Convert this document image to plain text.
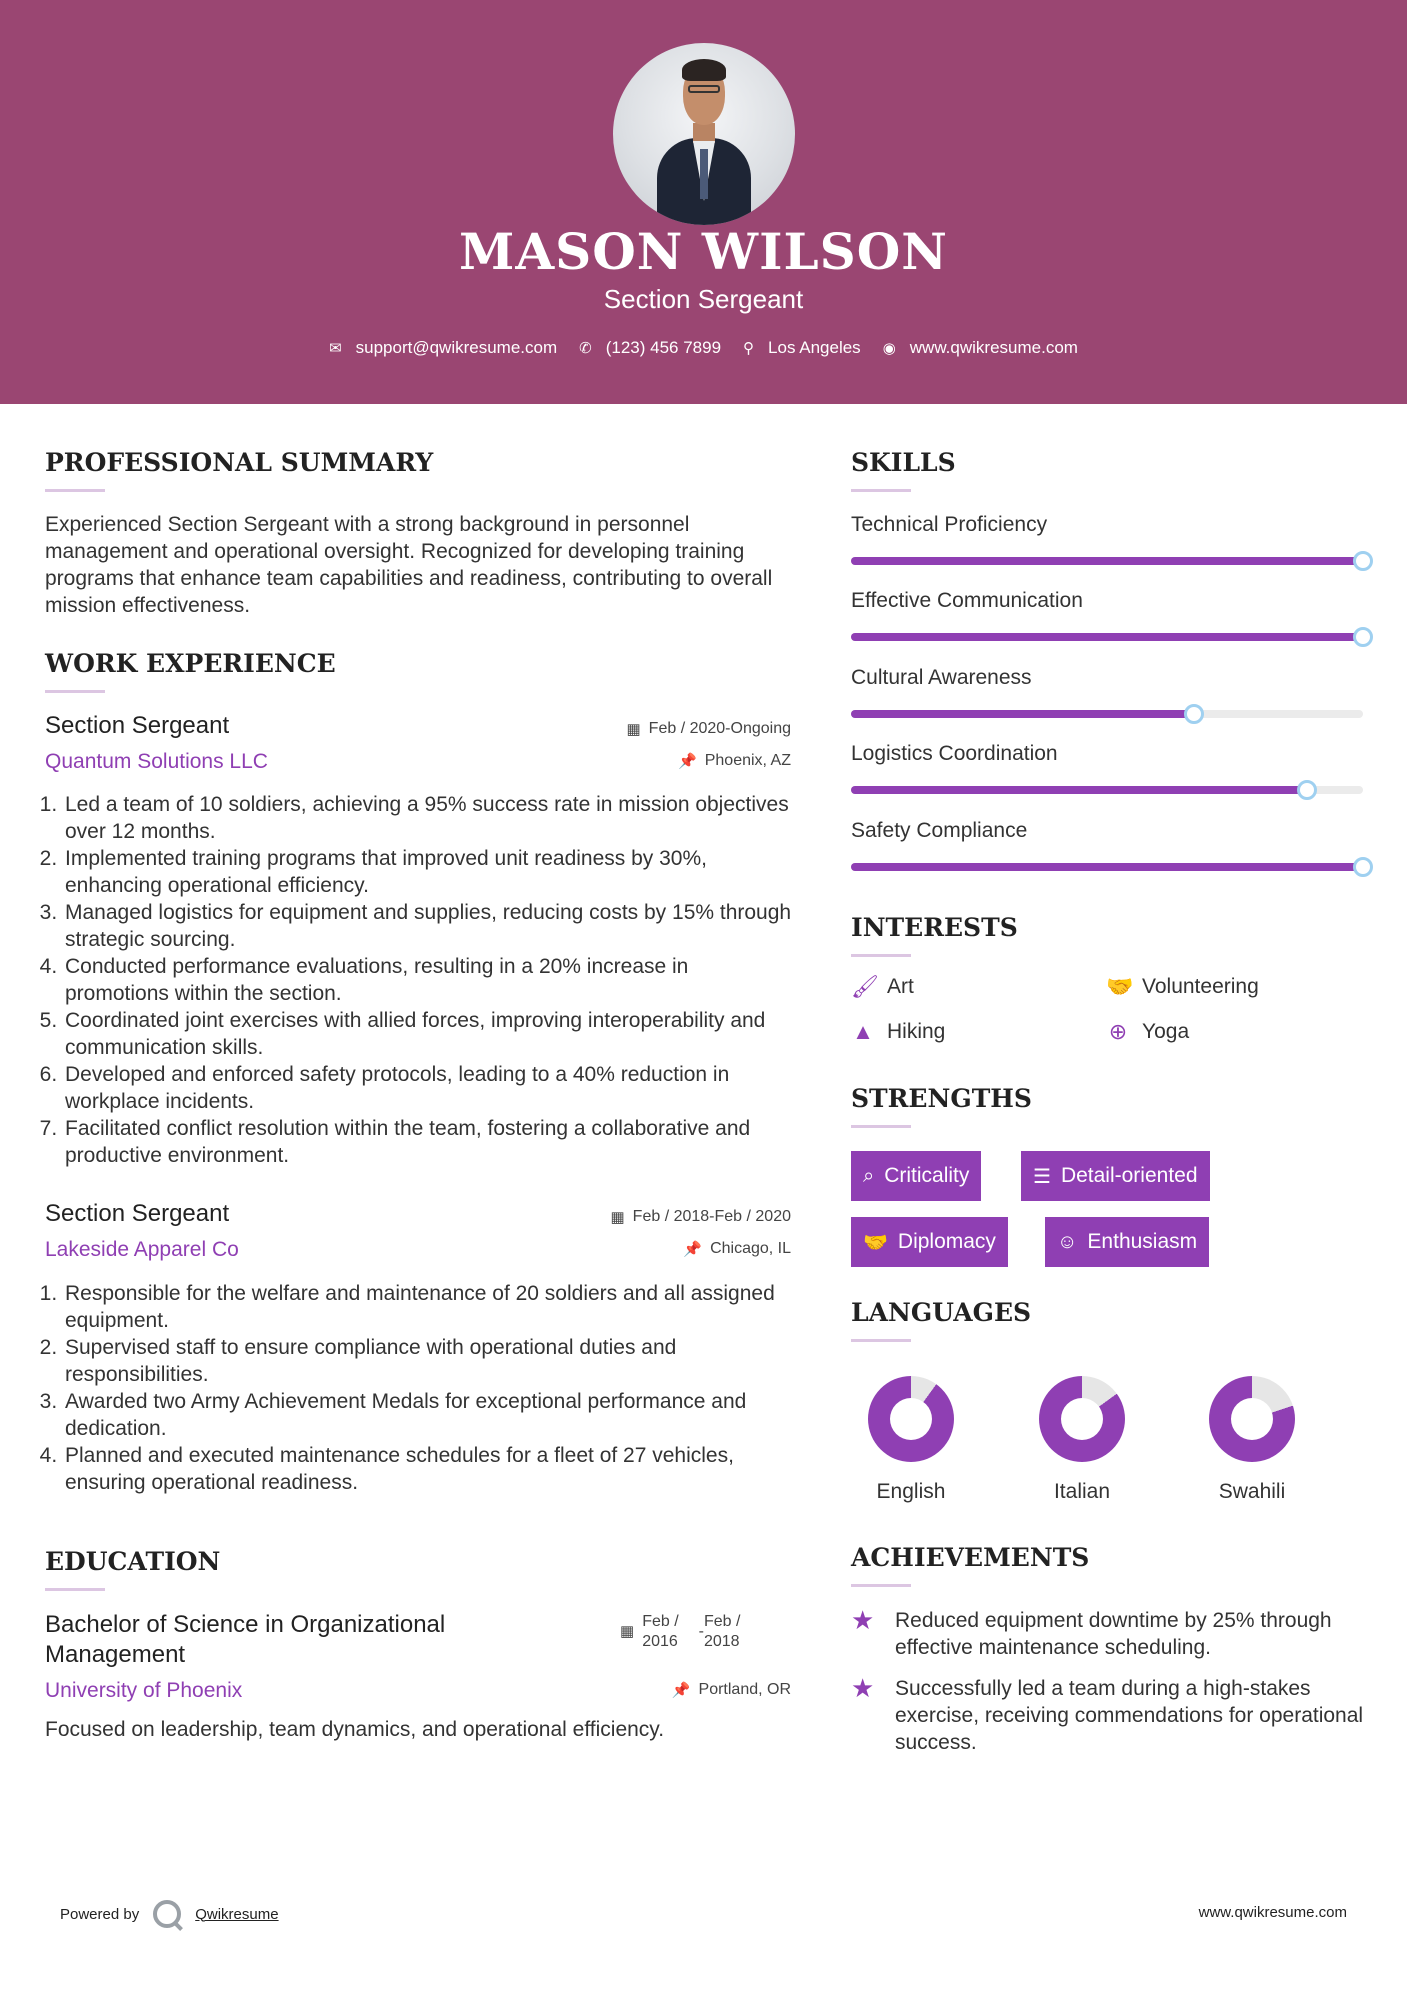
MASON WILSON
Section Sergeant
✉ support@qwikresume.com ✆ (123) 456 7899 ⚲ Los Angeles ◉ www.qwikresume.com
PROFESSIONAL SUMMARY
Experienced Section Sergeant with a strong background in personnel management and operational oversight. Recognized for developing training programs that enhance team capabilities and readiness, contributing to overall mission effectiveness.
WORK EXPERIENCE
Section Sergeant	▦ Feb / 2020-Ongoing
Quantum Solutions LLC	📌 Phoenix, AZ
1. Led a team of 10 soldiers, achieving a 95% success rate in mission objectives over 12 months.
2. Implemented training programs that improved unit readiness by 30%, enhancing operational efficiency.
3. Managed logistics for equipment and supplies, reducing costs by 15% through strategic sourcing.
4. Conducted performance evaluations, resulting in a 20% increase in promotions within the section.
5. Coordinated joint exercises with allied forces, improving interoperability and communication skills.
6. Developed and enforced safety protocols, leading to a 40% reduction in workplace incidents.
7. Facilitated conflict resolution within the team, fostering a collaborative and productive environment.
Section Sergeant	▦ Feb / 2018-Feb / 2020
Lakeside Apparel Co	📌 Chicago, IL
1. Responsible for the welfare and maintenance of 20 soldiers and all assigned equipment.
2. Supervised staff to ensure compliance with operational duties and responsibilities.
3. Awarded two Army Achievement Medals for exceptional performance and dedication.
4. Planned and executed maintenance schedules for a fleet of 27 vehicles, ensuring operational readiness.
EDUCATION
Bachelor of Science in Organizational Management
▦
Feb /
2016
-
Feb /
2018
University of Phoenix	📌 Portland, OR
Focused on leadership, team dynamics, and operational efficiency.
SKILLS
Technical Proficiency
Effective Communication
Cultural Awareness
Logistics Coordination
Safety Compliance
INTERESTS
🖌 Art	🤝 Volunteering
▲ Hiking	⊕ Yoga
STRENGTHS
⌕ Criticality	☰ Detail-oriented
🤝 Diplomacy	☺ Enthusiasm
LANGUAGES
English	Italian	Swahili
ACHIEVEMENTS
★ Reduced equipment downtime by 25% through effective maintenance scheduling.
★ Successfully led a team during a high-stakes exercise, receiving commendations for operational success.
Powered by	Qwikresume	www.qwikresume.com
